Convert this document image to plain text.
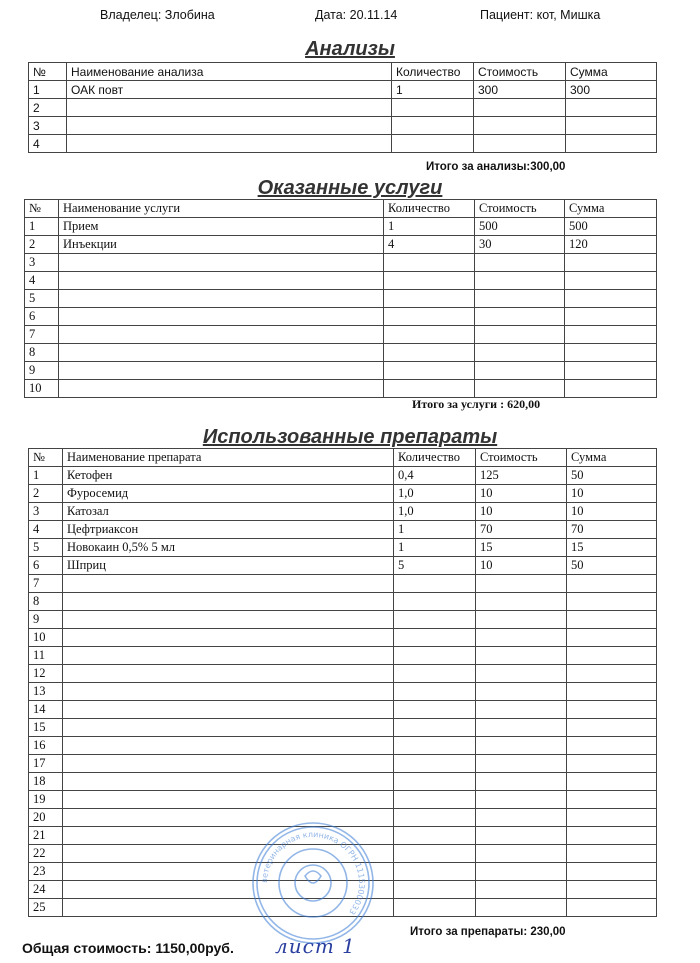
Владелец: Злобина	Дата: 20.11.14	Пациент: кот, Мишка
Анализы
№	Наименование анализа	Количество	Стоимость	Сумма
1	ОАК повт	1	300	300
2				
3				
4				
Итого за анализы:300,00
Оказанные услуги
№	Наименование услуги	Количество	Стоимость	Сумма
1	Прием	1	500	500
2	Инъекции	4	30	120
3				
4				
5				
6				
7				
8				
9				
10				
Итого за услуги : 620,00
Использованные препараты
№	Наименование препарата	Количество	Стоимость	Сумма
1	Кетофен	0,4	125	50
2	Фуросемид	1,0	10	10
3	Катозал	1,0	10	10
4	Цефтриаксон	1	70	70
5	Новокаин 0,5% 5 мл	1	15	15
6	Шприц	5	10	50
7				
8				
9				
10				
11				
12				
13				
14				
15				
16				
17				
18				
19				
20				
21				
22				
23				
24				
25				
Итого за препараты: 230,00
Общая стоимость: 1150,00руб. лист 1
ветеринарная клиника ОГРН 1115300033
